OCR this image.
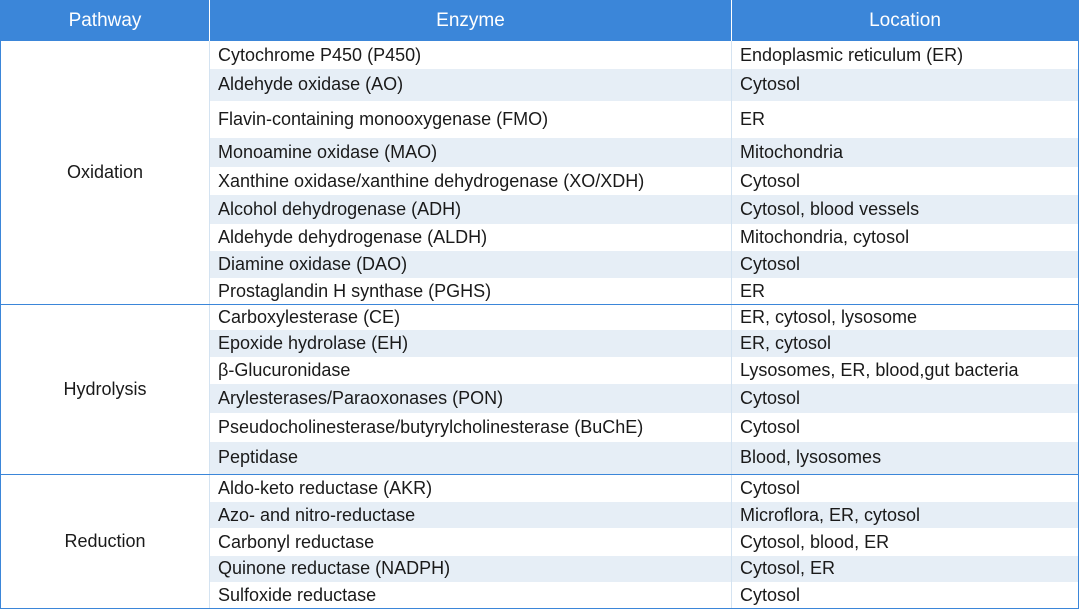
Pathway	Enzyme	Location
Oxidation	Cytochrome P450 (P450)	Endoplasmic reticulum (ER)
	Aldehyde oxidase (AO)	Cytosol
	Flavin-containing monooxygenase (FMO)	ER
	Monoamine oxidase (MAO)	Mitochondria
	Xanthine oxidase/xanthine dehydrogenase (XO/XDH)	Cytosol
	Alcohol dehydrogenase (ADH)	Cytosol, blood vessels
	Aldehyde dehydrogenase (ALDH)	Mitochondria, cytosol
	Diamine oxidase (DAO)	Cytosol
	Prostaglandin H synthase (PGHS)	ER
Hydrolysis	Carboxylesterase (CE)	ER, cytosol, lysosome
	Epoxide hydrolase (EH)	ER, cytosol
	β-Glucuronidase	Lysosomes, ER, blood,gut bacteria
	Arylesterases/Paraoxonases (PON)	Cytosol
	Pseudocholinesterase/butyrylcholinesterase (BuChE)	Cytosol
	Peptidase	Blood, lysosomes
Reduction	Aldo-keto reductase (AKR)	Cytosol
	Azo- and nitro-reductase	Microflora, ER, cytosol
	Carbonyl reductase	Cytosol, blood, ER
	Quinone reductase (NADPH)	Cytosol, ER
	Sulfoxide reductase	Cytosol
